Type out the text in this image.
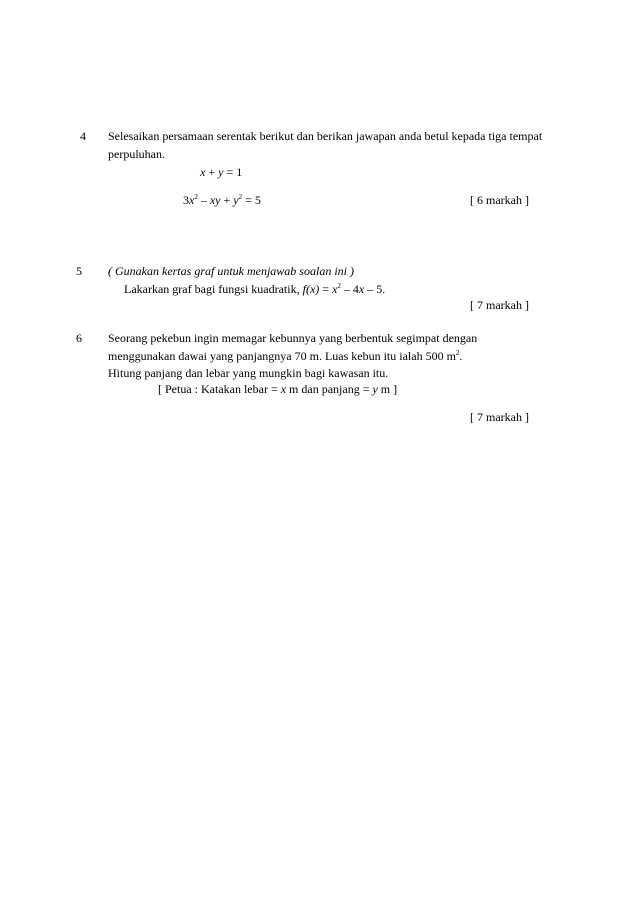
4 Selesaikan persamaan serentak berikut dan berikan jawapan anda betul kepada tiga tempat
perpuluhan.
x + y = 1
$3x^2$ – xy + $y^2 = 5$	[ 6 markah ]
5 ( Gunakan kertas graf untuk menjawab soalan ini )
Lakarkan graf bagi fungsi kuadratik, $f(x) = x^2 - 4x - 5$.
[ 7 markah ]
6 Seorang pekebun ingin memagar kebunnya yang berbentuk segimpat dengan
menggunakan dawai yang panjangnya 70 m. Luas kebun itu ialah 500 $m^2$.
Hitung panjang dan lebar yang mungkin bagi kawasan itu.
[ Petua : Katakan lebar = x m dan panjang = y m ]
[ 7 markah ]
